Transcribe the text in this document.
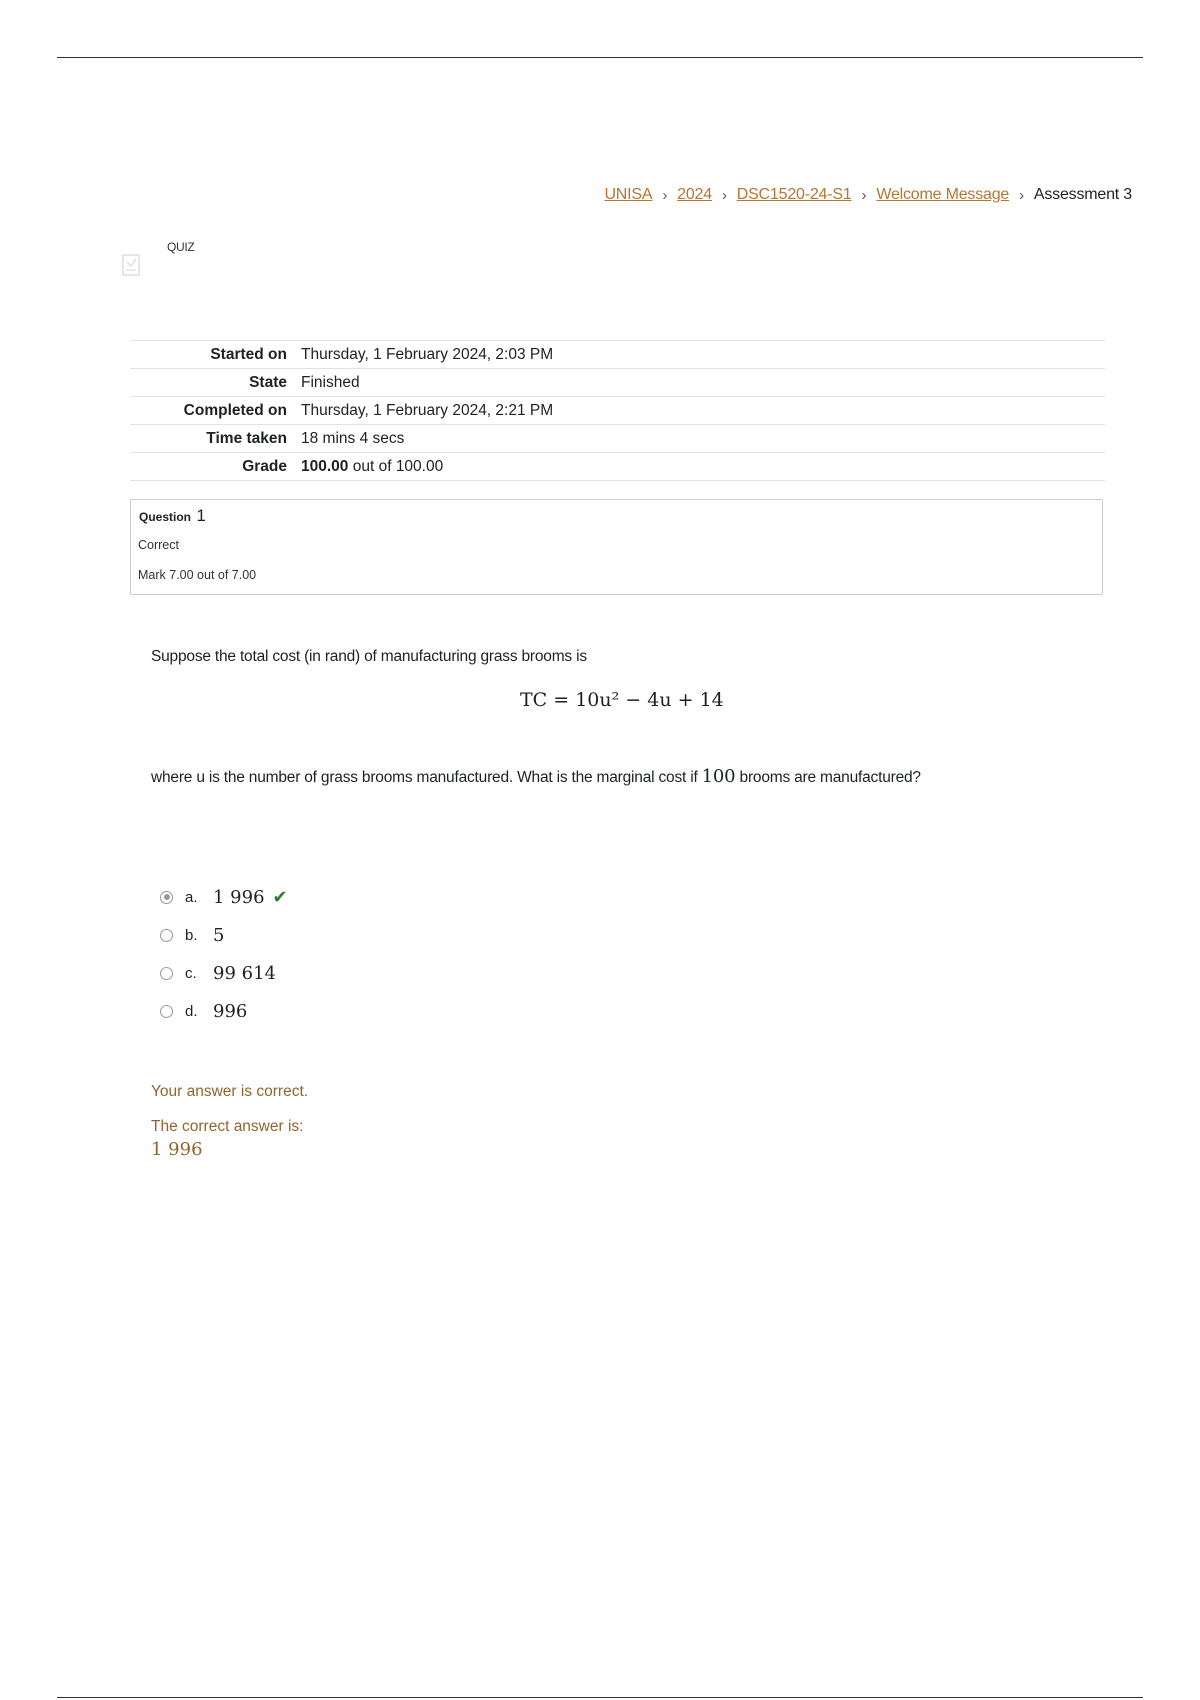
UNISA › 2024 › DSC1520-24-S1 › Welcome Message › Assessment 3
QUIZ
Started on	Thursday, 1 February 2024, 2:03 PM
State	Finished
Completed on	Thursday, 1 February 2024, 2:21 PM
Time taken	18 mins 4 secs
Grade	100.00 out of 100.00
Question 1
Correct
Mark 7.00 out of 7.00
Suppose the total cost (in rand) of manufacturing grass brooms is
TC = 10u² − 4u + 14
where u is the number of grass brooms manufactured. What is the marginal cost if 100 brooms are manufactured?
a. 1 996 ✔
b. 5
c. 99 614
d. 996
Your answer is correct.
The correct answer is:
1 996
